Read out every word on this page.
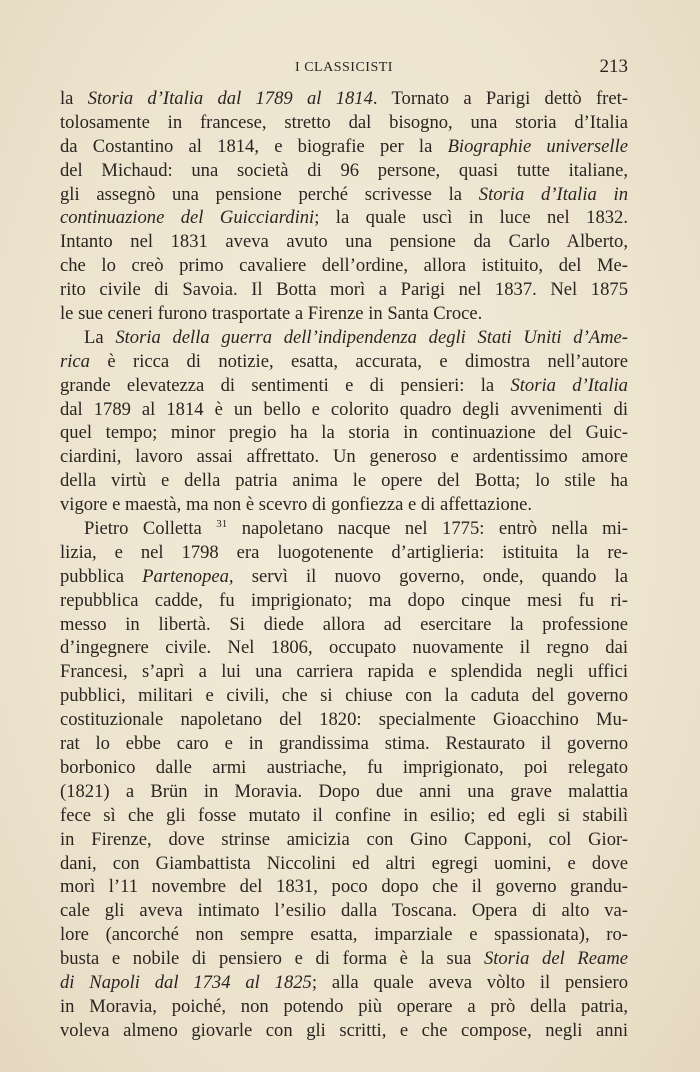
I CLASSICISTI	213
la Storia d’Italia dal 1789 al 1814. Tornato a Parigi dettò fret-
tolosamente in francese, stretto dal bisogno, una storia d’Italia
da Costantino al 1814, e biografie per la Biographie universelle
del Michaud: una società di 96 persone, quasi tutte italiane,
gli assegnò una pensione perché scrivesse la Storia d’Italia in
continuazione del Guicciardini; la quale uscì in luce nel 1832.
Intanto nel 1831 aveva avuto una pensione da Carlo Alberto,
che lo creò primo cavaliere dell’ordine, allora istituito, del Me-
rito civile di Savoia. Il Botta morì a Parigi nel 1837. Nel 1875
le sue ceneri furono trasportate a Firenze in Santa Croce.
La Storia della guerra dell’indipendenza degli Stati Uniti d’Ame-
rica è ricca di notizie, esatta, accurata, e dimostra nell’autore
grande elevatezza di sentimenti e di pensieri: la Storia d’Italia
dal 1789 al 1814 è un bello e colorito quadro degli avvenimenti di
quel tempo; minor pregio ha la storia in continuazione del Guic-
ciardini, lavoro assai affrettato. Un generoso e ardentissimo amore
della virtù e della patria anima le opere del Botta; lo stile ha
vigore e maestà, ma non è scevro di gonfiezza e di affettazione.
Pietro Colletta $^{31}$ napoletano nacque nel 1775: entrò nella mi-
lizia, e nel 1798 era luogotenente d’artiglieria: istituita la re-
pubblica Partenopea, servì il nuovo governo, onde, quando la
repubblica cadde, fu imprigionato; ma dopo cinque mesi fu ri-
messo in libertà. Si diede allora ad esercitare la professione
d’ingegnere civile. Nel 1806, occupato nuovamente il regno dai
Francesi, s’aprì a lui una carriera rapida e splendida negli uffici
pubblici, militari e civili, che si chiuse con la caduta del governo
costituzionale napoletano del 1820: specialmente Gioacchino Mu-
rat lo ebbe caro e in grandissima stima. Restaurato il governo
borbonico dalle armi austriache, fu imprigionato, poi relegato
(1821) a Brün in Moravia. Dopo due anni una grave malattia
fece sì che gli fosse mutato il confine in esilio; ed egli si stabilì
in Firenze, dove strinse amicizia con Gino Capponi, col Gior-
dani, con Giambattista Niccolini ed altri egregi uomini, e dove
morì l’11 novembre del 1831, poco dopo che il governo grandu-
cale gli aveva intimato l’esilio dalla Toscana. Opera di alto va-
lore (ancorché non sempre esatta, imparziale e spassionata), ro-
busta e nobile di pensiero e di forma è la sua Storia del Reame
di Napoli dal 1734 al 1825; alla quale aveva vòlto il pensiero
in Moravia, poiché, non potendo più operare a prò della patria,
voleva almeno giovarle con gli scritti, e che compose, negli anni
